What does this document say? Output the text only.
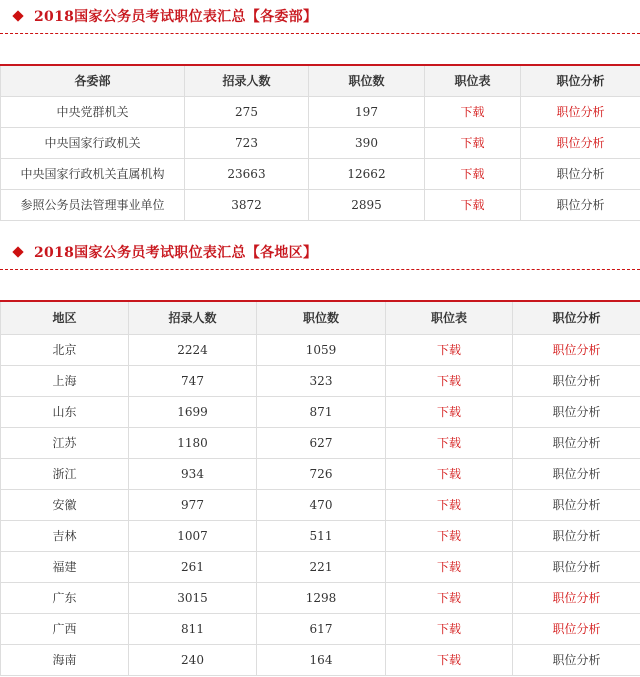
2018国家公务员考试职位表汇总【各委部】
各委部	招录人数	职位数	职位表	职位分析
中央党群机关	275	197	下载	职位分析
中央国家行政机关	723	390	下载	职位分析
中央国家行政机关直属机构	23663	12662	下载	职位分析
参照公务员法管理事业单位	3872	2895	下载	职位分析
2018国家公务员考试职位表汇总【各地区】
地区	招录人数	职位数	职位表	职位分析
北京	2224	1059	下载	职位分析
上海	747	323	下载	职位分析
山东	1699	871	下载	职位分析
江苏	1180	627	下载	职位分析
浙江	934	726	下载	职位分析
安徽	977	470	下载	职位分析
吉林	1007	511	下载	职位分析
福建	261	221	下载	职位分析
广东	3015	1298	下载	职位分析
广西	811	617	下载	职位分析
海南	240	164	下载	职位分析
